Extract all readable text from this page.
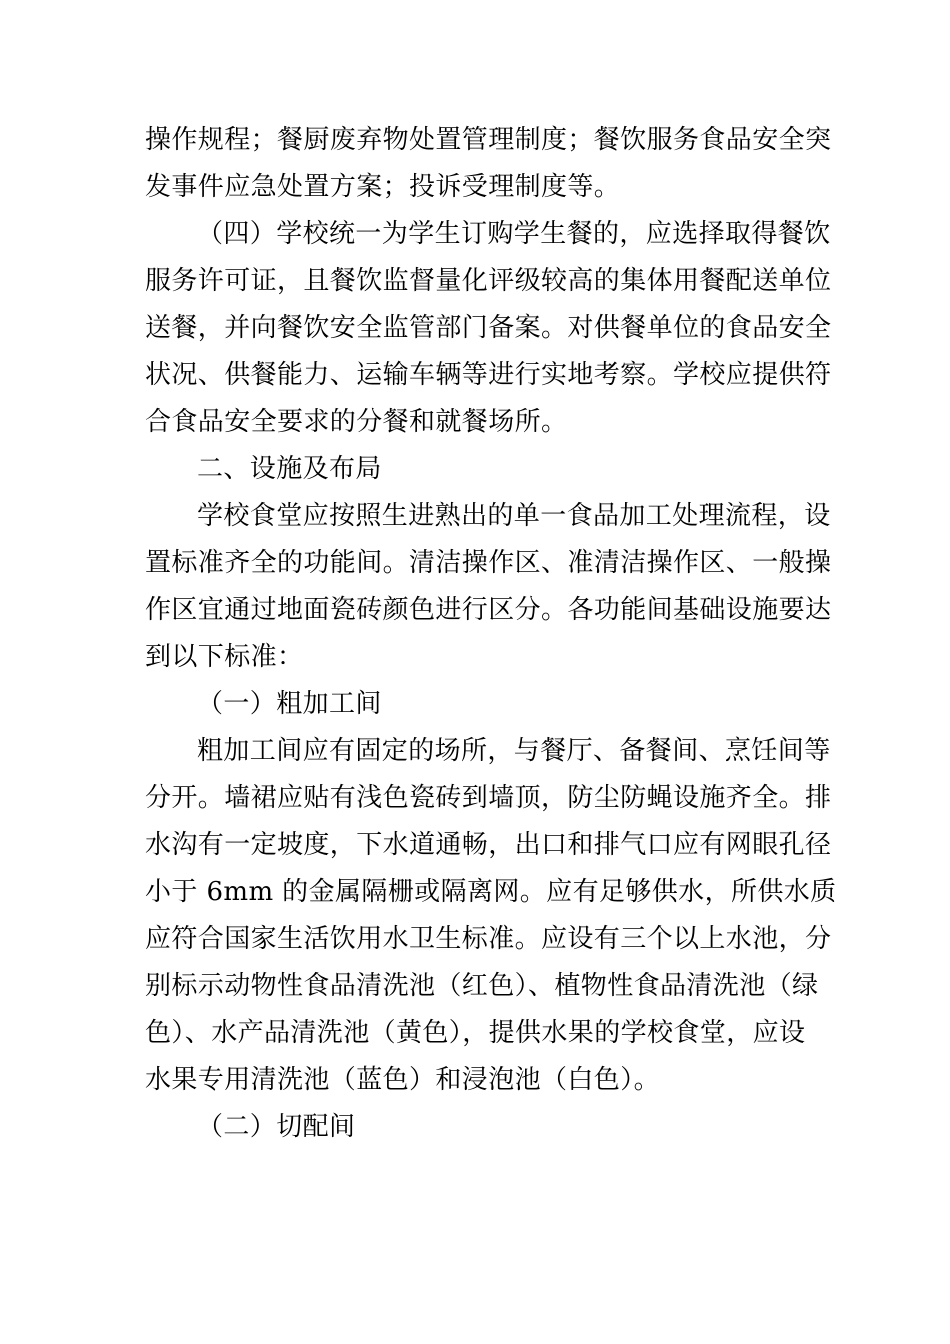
操作规程；餐厨废弃物处置管理制度；餐饮服务食品安全突
发事件应急处置方案；投诉受理制度等。
（四）学校统一为学生订购学生餐的，应选择取得餐饮
服务许可证，且餐饮监督量化评级较高的集体用餐配送单位
送餐，并向餐饮安全监管部门备案。对供餐单位的食品安全
状况、供餐能力、运输车辆等进行实地考察。学校应提供符
合食品安全要求的分餐和就餐场所。
二、设施及布局
学校食堂应按照生进熟出的单一食品加工处理流程，设
置标准齐全的功能间。清洁操作区、准清洁操作区、一般操
作区宜通过地面瓷砖颜色进行区分。各功能间基础设施要达
到以下标准：
（一）粗加工间
粗加工间应有固定的场所，与餐厅、备餐间、烹饪间等
分开。墙裙应贴有浅色瓷砖到墙顶，防尘防蝇设施齐全。排
水沟有一定坡度，下水道通畅，出口和排气口应有网眼孔径
小于 6mm 的金属隔栅或隔离网。应有足够供水，所供水质
应符合国家生活饮用水卫生标准。应设有三个以上水池，分
别标示动物性食品清洗池（红色）、植物性食品清洗池（绿
色）、水产品清洗池（黄色），提供水果的学校食堂，应设
水果专用清洗池（蓝色）和浸泡池（白色）。
（二）切配间
